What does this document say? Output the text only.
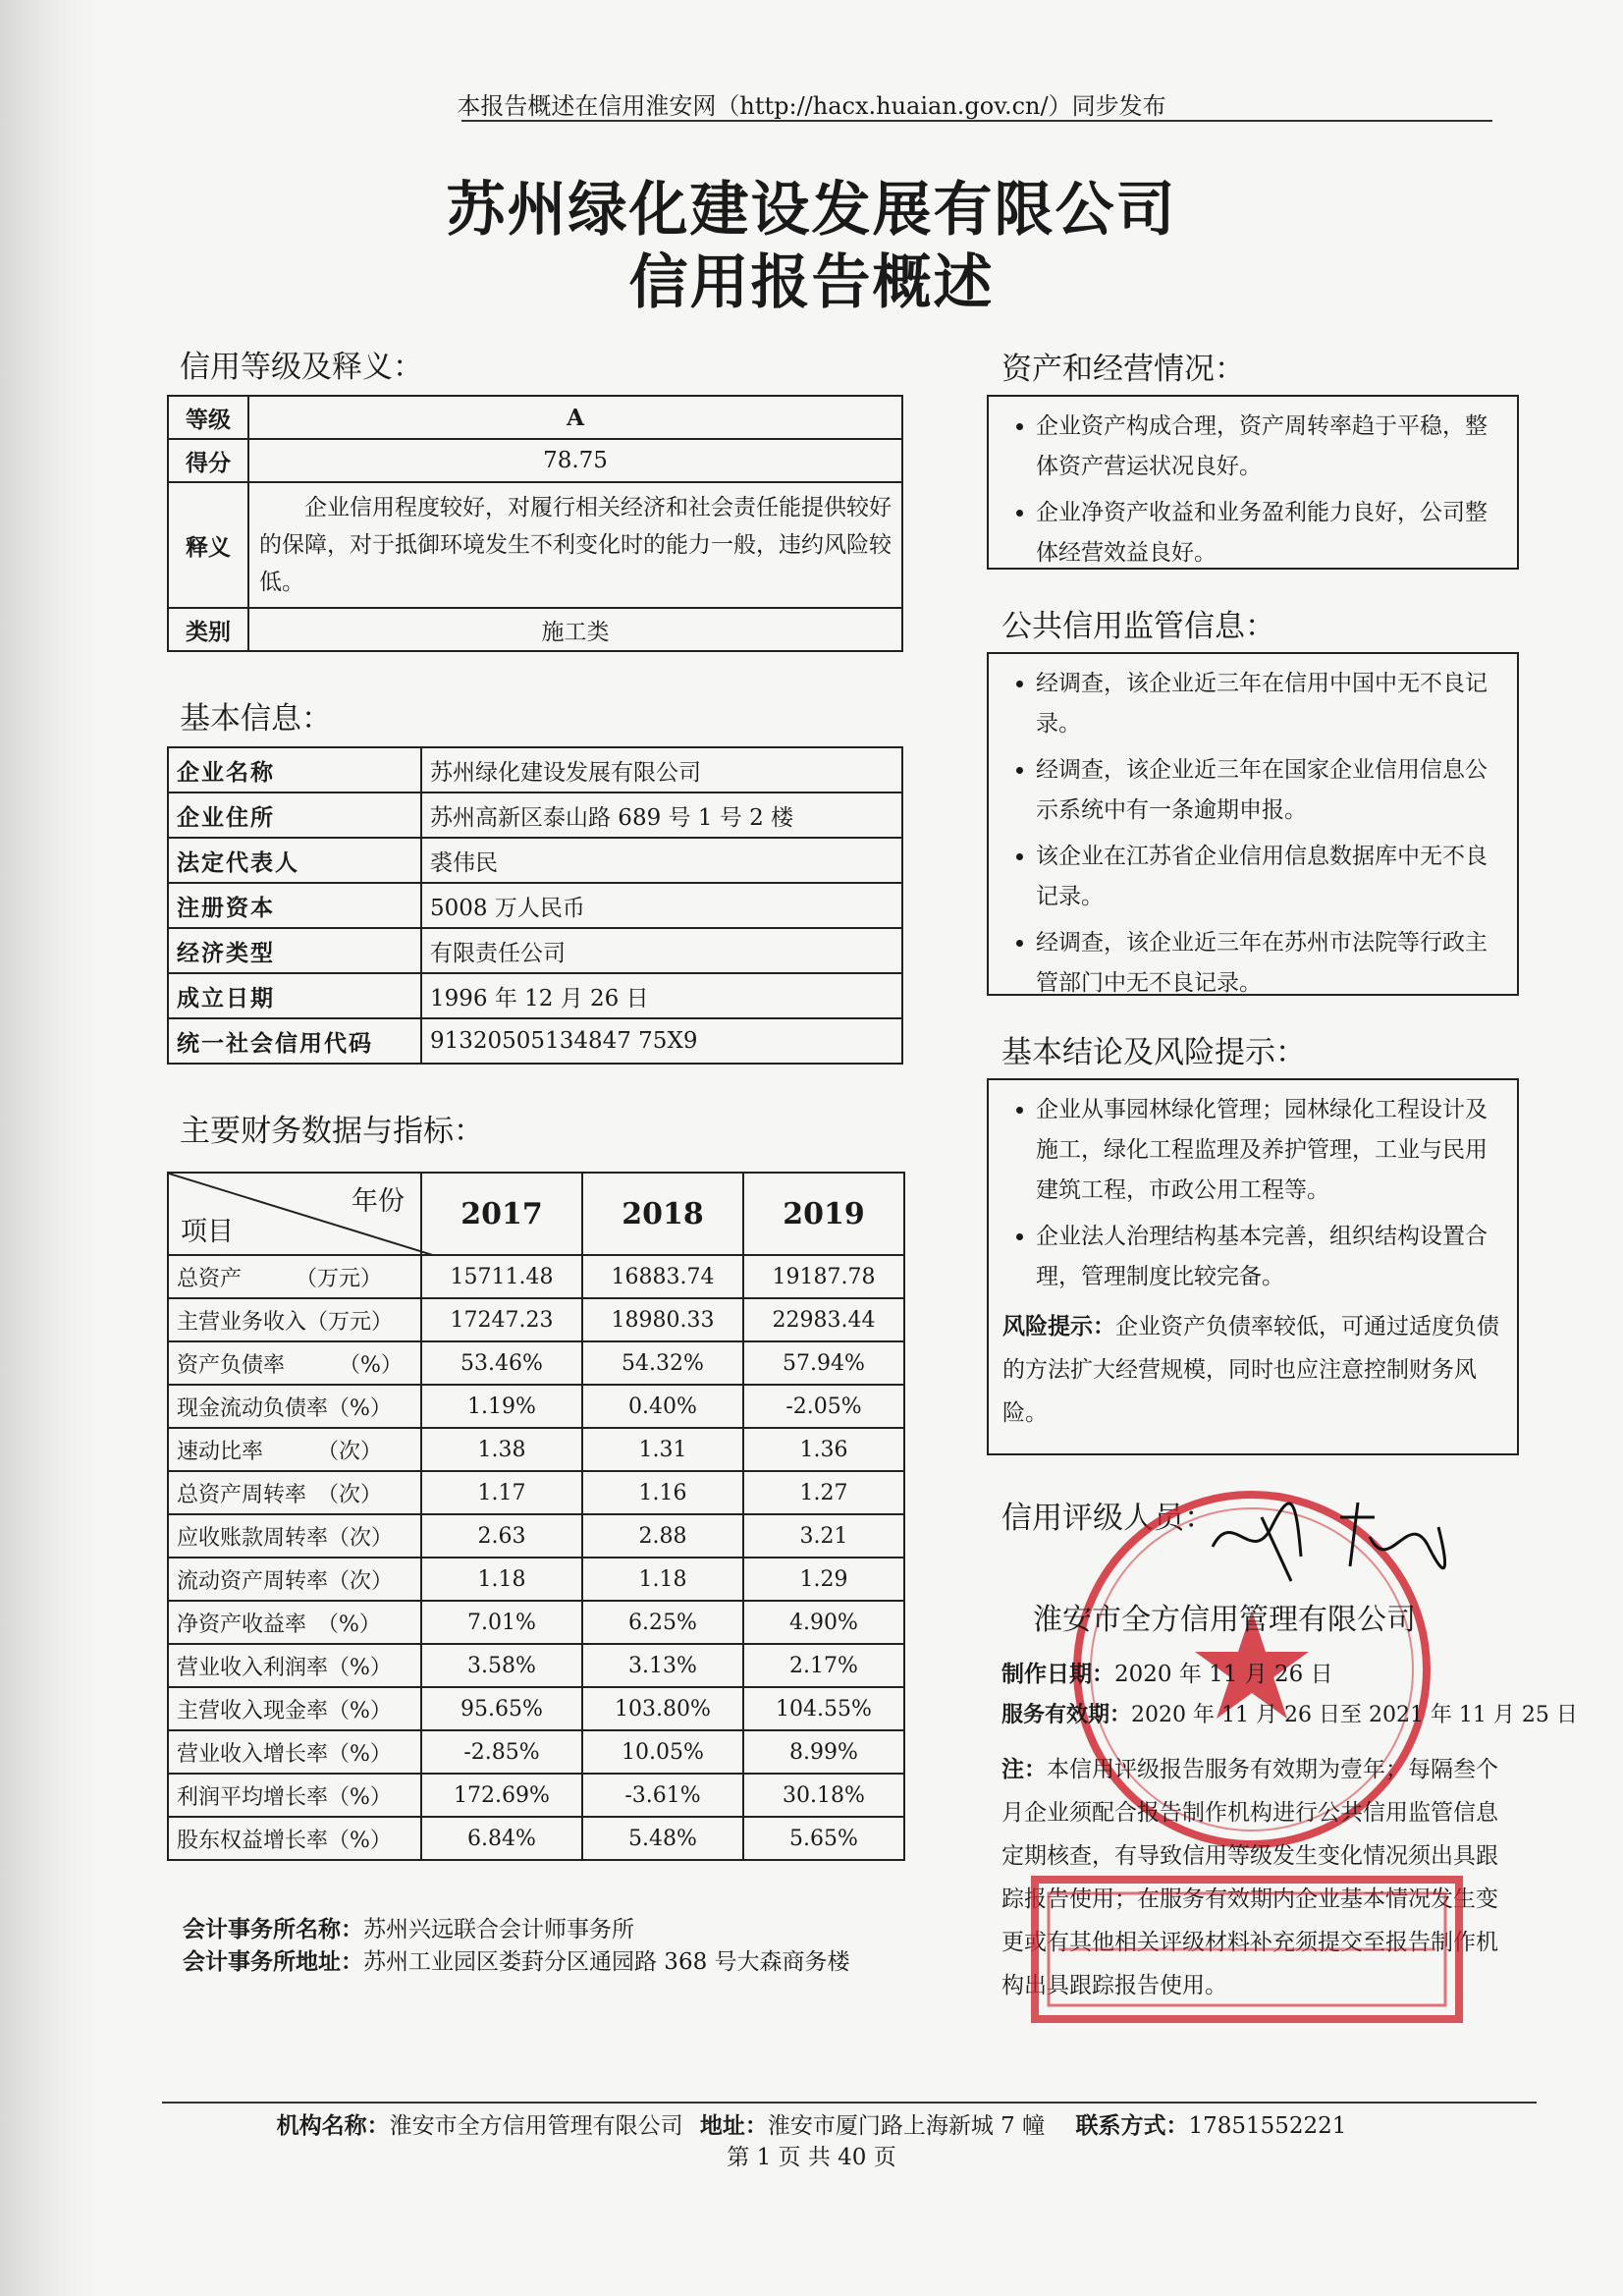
本报告概述在信用淮安网（http://hacx.huaian.gov.cn/）同步发布
苏州绿化建设发展有限公司
信用报告概述
信用等级及释义：
等级	A
得分	78.75
释义	企业信用程度较好，对履行相关经济和社会责任能提供较好的保障，对于抵御环境发生不利变化时的能力一般，违约风险较低。
类别	施工类
基本信息：
企业名称	苏州绿化建设发展有限公司
企业住所	苏州高新区泰山路 689 号 1 号 2 楼
法定代表人	裘伟民
注册资本	5008 万人民币
经济类型	有限责任公司
成立日期	1996 年 12 月 26 日
统一社会信用代码	91320505134847 75X9
主要财务数据与指标：
年份
项目	2017	2018	2019
总资产　　　（万元）	15711.48	16883.74	19187.78
主营业务收入（万元）	17247.23	18980.33	22983.44
资产负债率　　　（%）	53.46%	54.32%	57.94%
现金流动负债率（%）	1.19%	0.40%	-2.05%
速动比率　　　（次）	1.38	1.31	1.36
总资产周转率　（次）	1.17	1.16	1.27
应收账款周转率（次）	2.63	2.88	3.21
流动资产周转率（次）	1.18	1.18	1.29
净资产收益率　（%）	7.01%	6.25%	4.90%
营业收入利润率（%）	3.58%	3.13%	2.17%
主营收入现金率（%）	95.65%	103.80%	104.55%
营业收入增长率（%）	-2.85%	10.05%	8.99%
利润平均增长率（%）	172.69%	-3.61%	30.18%
股东权益增长率（%）	6.84%	5.48%	5.65%
会计事务所名称：苏州兴远联合会计师事务所
会计事务所地址：苏州工业园区娄葑分区通园路 368 号大森商务楼
资产和经营情况：
• 企业资产构成合理，资产周转率趋于平稳，整体资产营运状况良好。
• 企业净资产收益和业务盈利能力良好，公司整体经营效益良好。
公共信用监管信息：
• 经调查，该企业近三年在信用中国中无不良记录。
• 经调查，该企业近三年在国家企业信用信息公示系统中有一条逾期申报。
• 该企业在江苏省企业信用信息数据库中无不良记录。
• 经调查，该企业近三年在苏州市法院等行政主管部门中无不良记录。
基本结论及风险提示：
• 企业从事园林绿化管理；园林绿化工程设计及施工，绿化工程监理及养护管理，工业与民用建筑工程，市政公用工程等。
• 企业法人治理结构基本完善，组织结构设置合理，管理制度比较完备。
风险提示：企业资产负债率较低，可通过适度负债的方法扩大经营规模，同时也应注意控制财务风险。
信用评级人员：
淮安市全方信用管理有限公司
制作日期：2020 年 11 月 26 日
服务有效期：2020 年 11 月 26 日至 2021 年 11 月 25 日
注：本信用评级报告服务有效期为壹年；每隔叁个月企业须配合报告制作机构进行公共信用监管信息定期核查，有导致信用等级发生变化情况须出具跟踪报告使用；在服务有效期内企业基本情况发生变更或有其他相关评级材料补充须提交至报告制作机构出具跟踪报告使用。
机构名称：淮安市全方信用管理有限公司 地址：淮安市厦门路上海新城 7 幢 联系方式：17851552221
第 1 页 共 40 页
